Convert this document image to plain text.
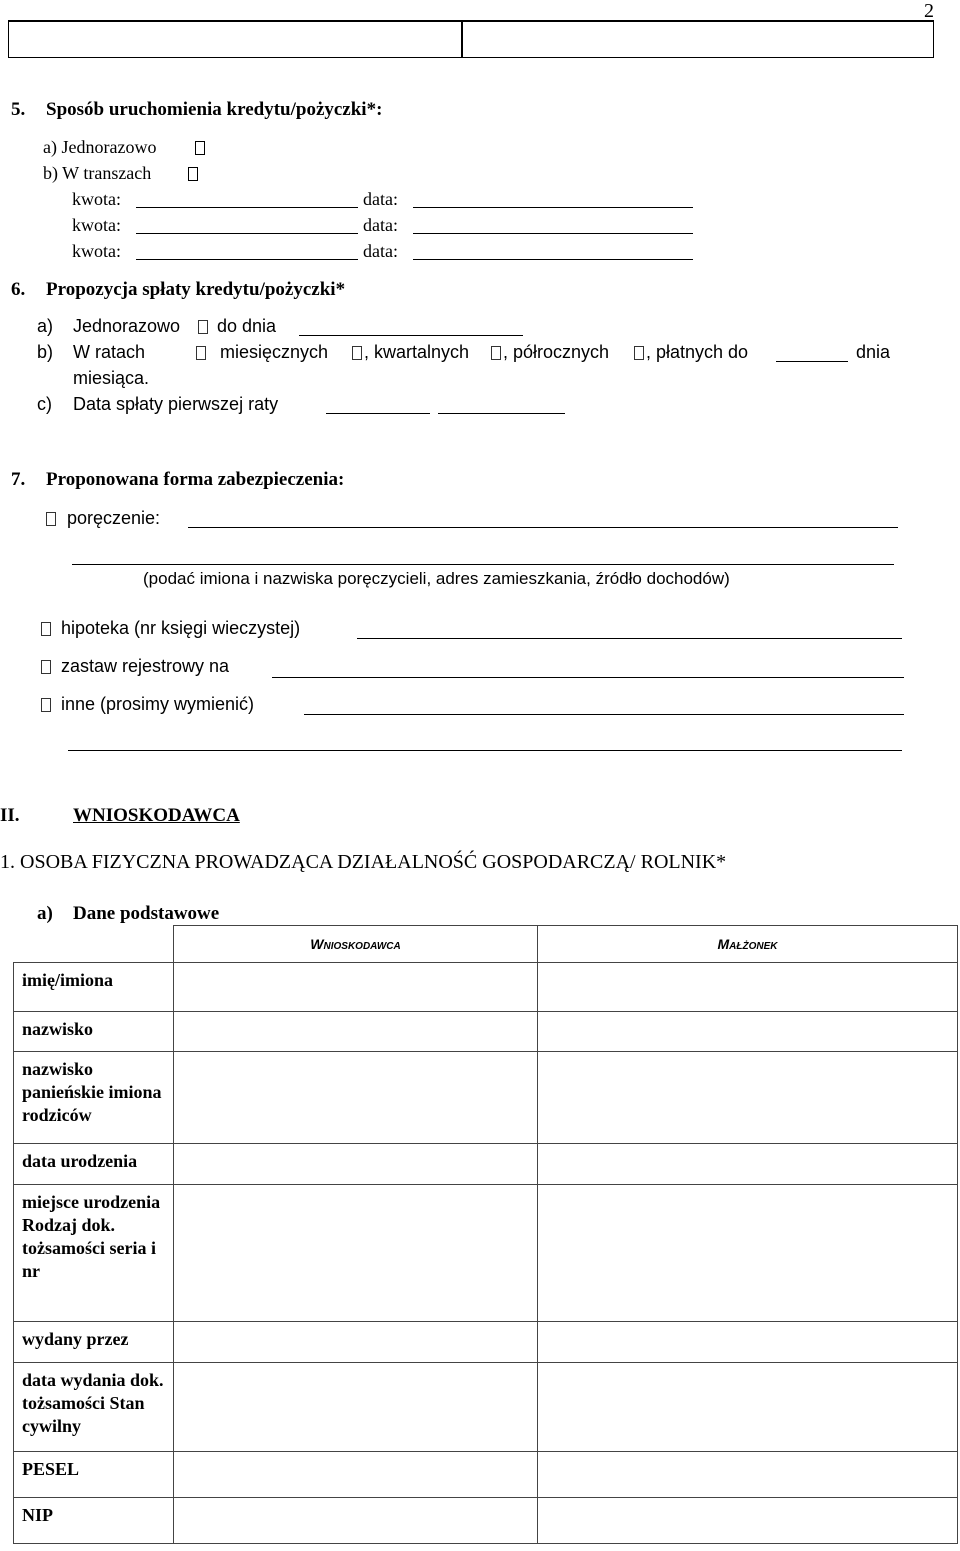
2
5. Sposób uruchomienia kredytu/pożyczki*:
a) Jednorazowo
b) W transzach
kwota:	data:
kwota:	data:
kwota:	data:
6. Propozycja spłaty kredytu/pożyczki*
a) Jednorazowo do dnia
b) W ratach	miesięcznych , kwartalnych , półrocznych , płatnych do	dnia
miesiąca.
c) Data spłaty pierwszej raty
7. Proponowana forma zabezpieczenia:
poręczenie:
(podać imiona i nazwiska poręczycieli, adres zamieszkania, źródło dochodów)
hipoteka (nr księgi wieczystej)
zastaw rejestrowy na
inne (prosimy wymienić)
II.	WNIOSKODAWCA
1. OSOBA FIZYCZNA PROWADZĄCA DZIAŁALNOŚĆ GOSPODARCZĄ/ ROLNIK*
a) Dane podstawowe
	Wnioskodawca	Małżonek
imię/imiona		
nazwisko		
nazwisko panieńskie imiona rodziców		
data urodzenia		
miejsce urodzenia Rodzaj dok. tożsamości seria i nr		
wydany przez		
data wydania dok. tożsamości Stan cywilny		
PESEL		
NIP		
